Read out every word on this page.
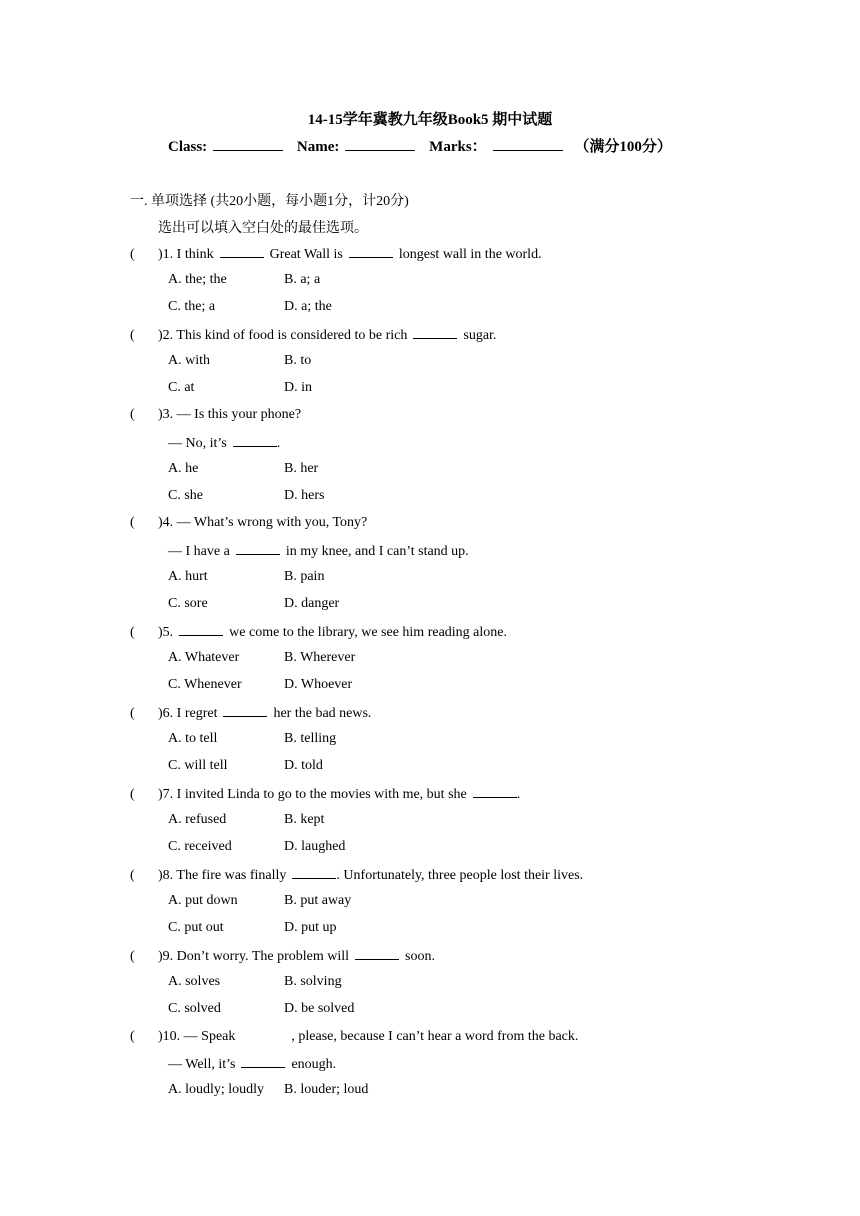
14-15学年冀教九年级Book5 期中试题
Class:	Name:	Marks：	（满分100分）
一. 单项选择 (共20小题，每小题1分，计20分)
选出可以填入空白处的最佳选项。
( )1. I think	Great Wall is	longest wall in the world.
A. the; the	B. a; a
C. the; a	D. a; the
( )2. This kind of food is considered to be rich	sugar.
A. with	B. to
C. at	D. in
( )3. — Is this your phone?
— No, it’s	.
A. he	B. her
C. she	D. hers
( )4. — What’s wrong with you, Tony?
— I have a	in my knee, and I can’t stand up.
A. hurt	B. pain
C. sore	D. danger
( )5.	we come to the library, we see him reading alone.
A. Whatever	B. Wherever
C. Whenever	D. Whoever
( )6. I regret	her the bad news.
A. to tell	B. telling
C. will tell	D. told
( )7. I invited Linda to go to the movies with me, but she	.
A. refused	B. kept
C. received	D. laughed
( )8. The fire was finally	. Unfortunately, three people lost their lives.
A. put down	B. put away
C. put out	D. put up
( )9. Don’t worry. The problem will	soon.
A. solves	B. solving
C. solved	D. be solved
( )10. — Speak	, please, because I can’t hear a word from the back.
— Well, it’s	enough.
A. loudly; loudly B. louder; loud
